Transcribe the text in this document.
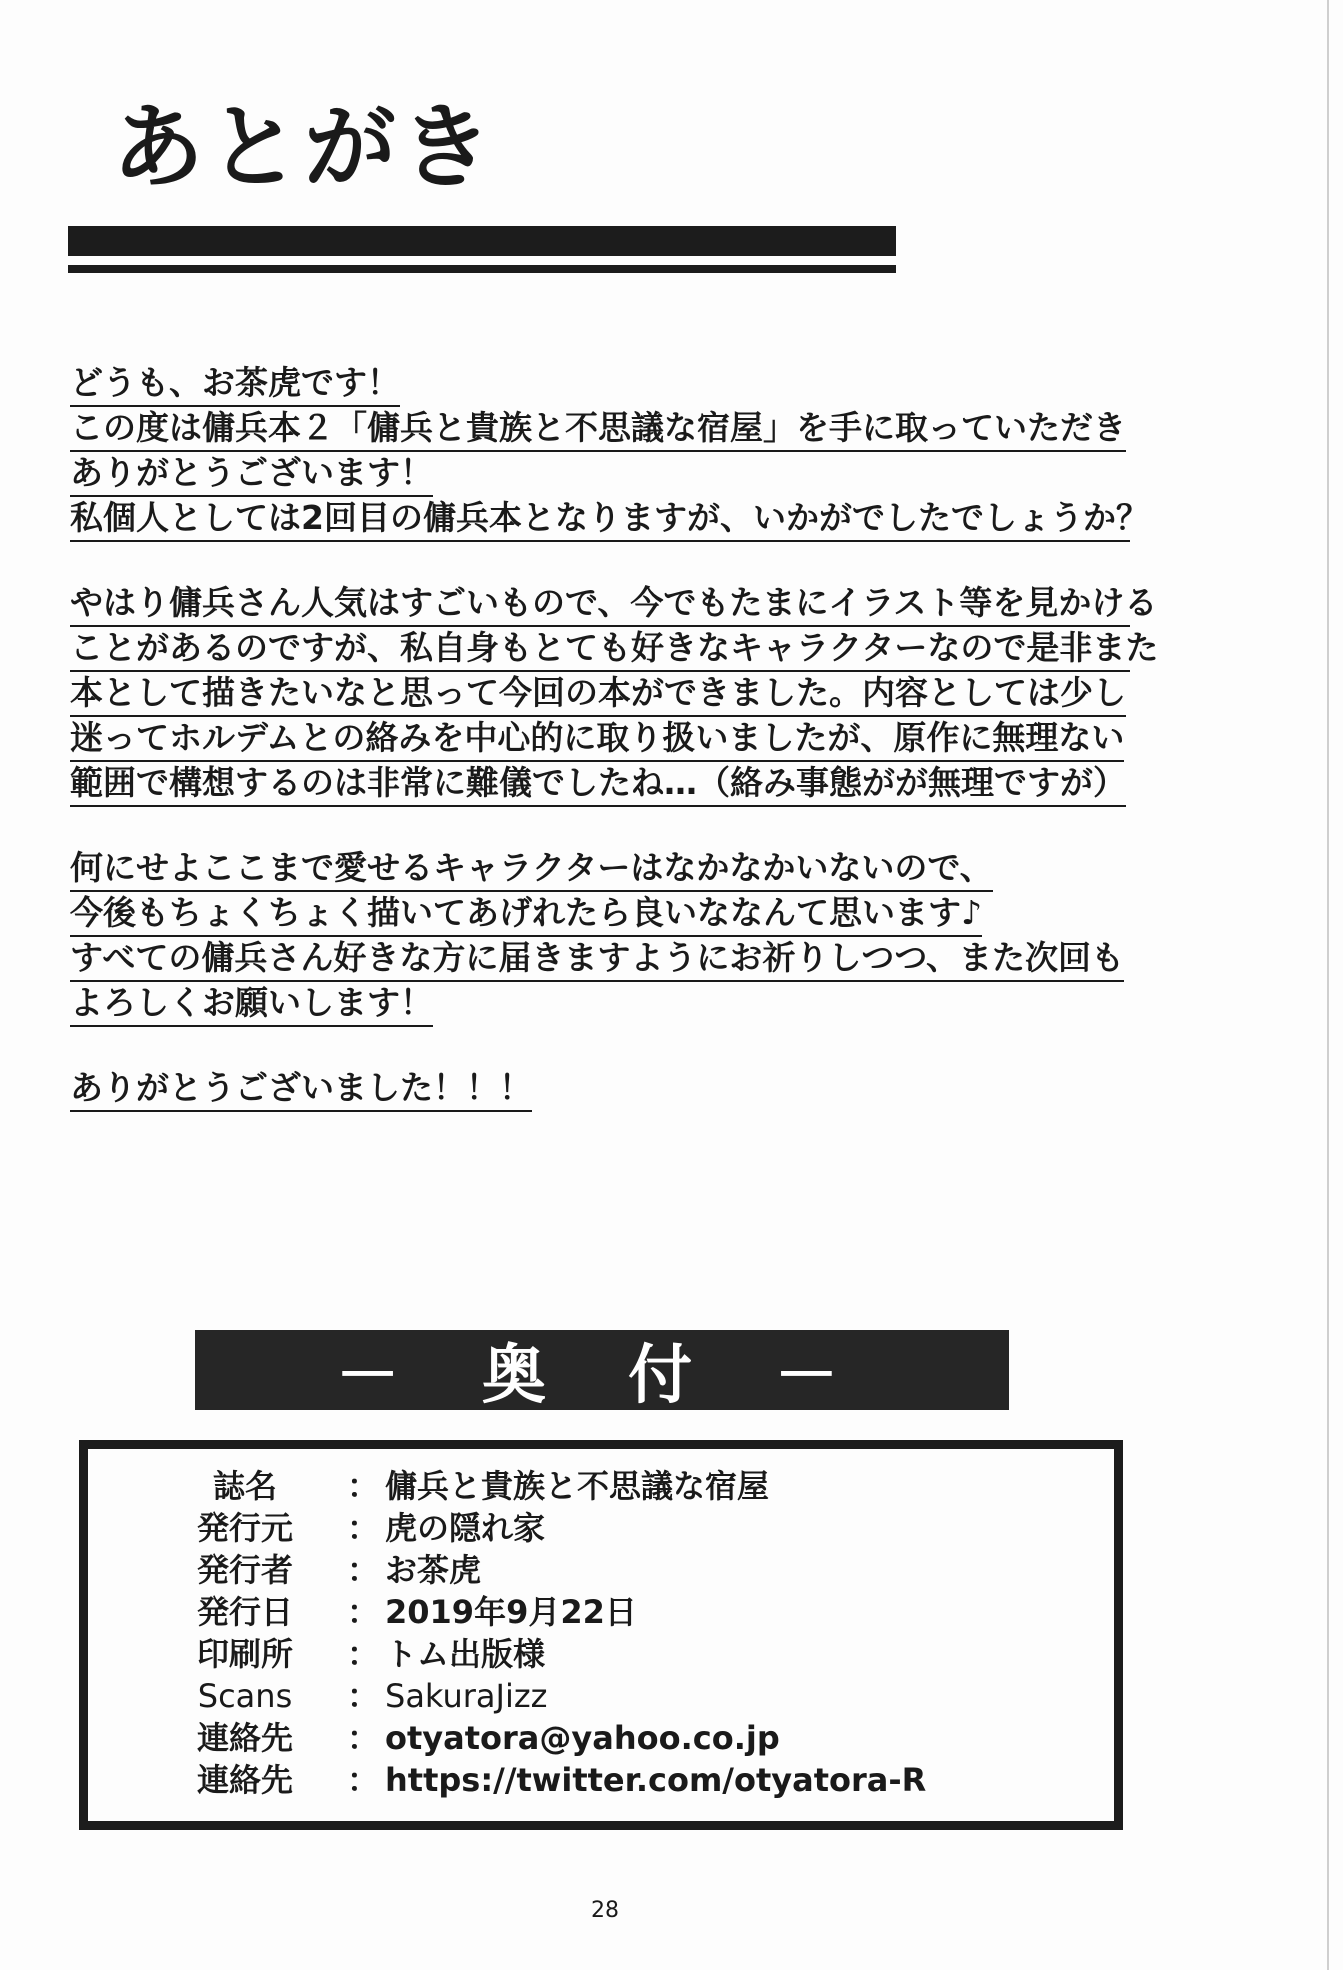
あとがき
どうも、お茶虎です！
この度は傭兵本２「傭兵と貴族と不思議な宿屋」を手に取っていただき
ありがとうございます！
私個人としては2回目の傭兵本となりますが、いかがでしたでしょうか？
やはり傭兵さん人気はすごいもので、今でもたまにイラスト等を見かける
ことがあるのですが、私自身もとても好きなキャラクターなので是非また
本として描きたいなと思って今回の本ができました。内容としては少し
迷ってホルデムとの絡みを中心的に取り扱いましたが、原作に無理ない
範囲で構想するのは非常に難儀でしたね…（絡み事態がが無理ですが）
何にせよここまで愛せるキャラクターはなかなかいないので、
今後もちょくちょく描いてあげれたら良いななんて思います♪
すべての傭兵さん好きな方に届きますようにお祈りしつつ、また次回も
よろしくお願いします！
ありがとうございました！！！
－ 奥 付 －
誌名	： 傭兵と貴族と不思議な宿屋
発行元 ： 虎の隠れ家
発行者 ： お茶虎
発行日 ： 2019年9月22日
印刷所 ： トム出版様
Scans ： SakuraJizz
連絡先 ： otyatora@yahoo.co.jp
連絡先 ： https://twitter.com/otyatora-R
28
